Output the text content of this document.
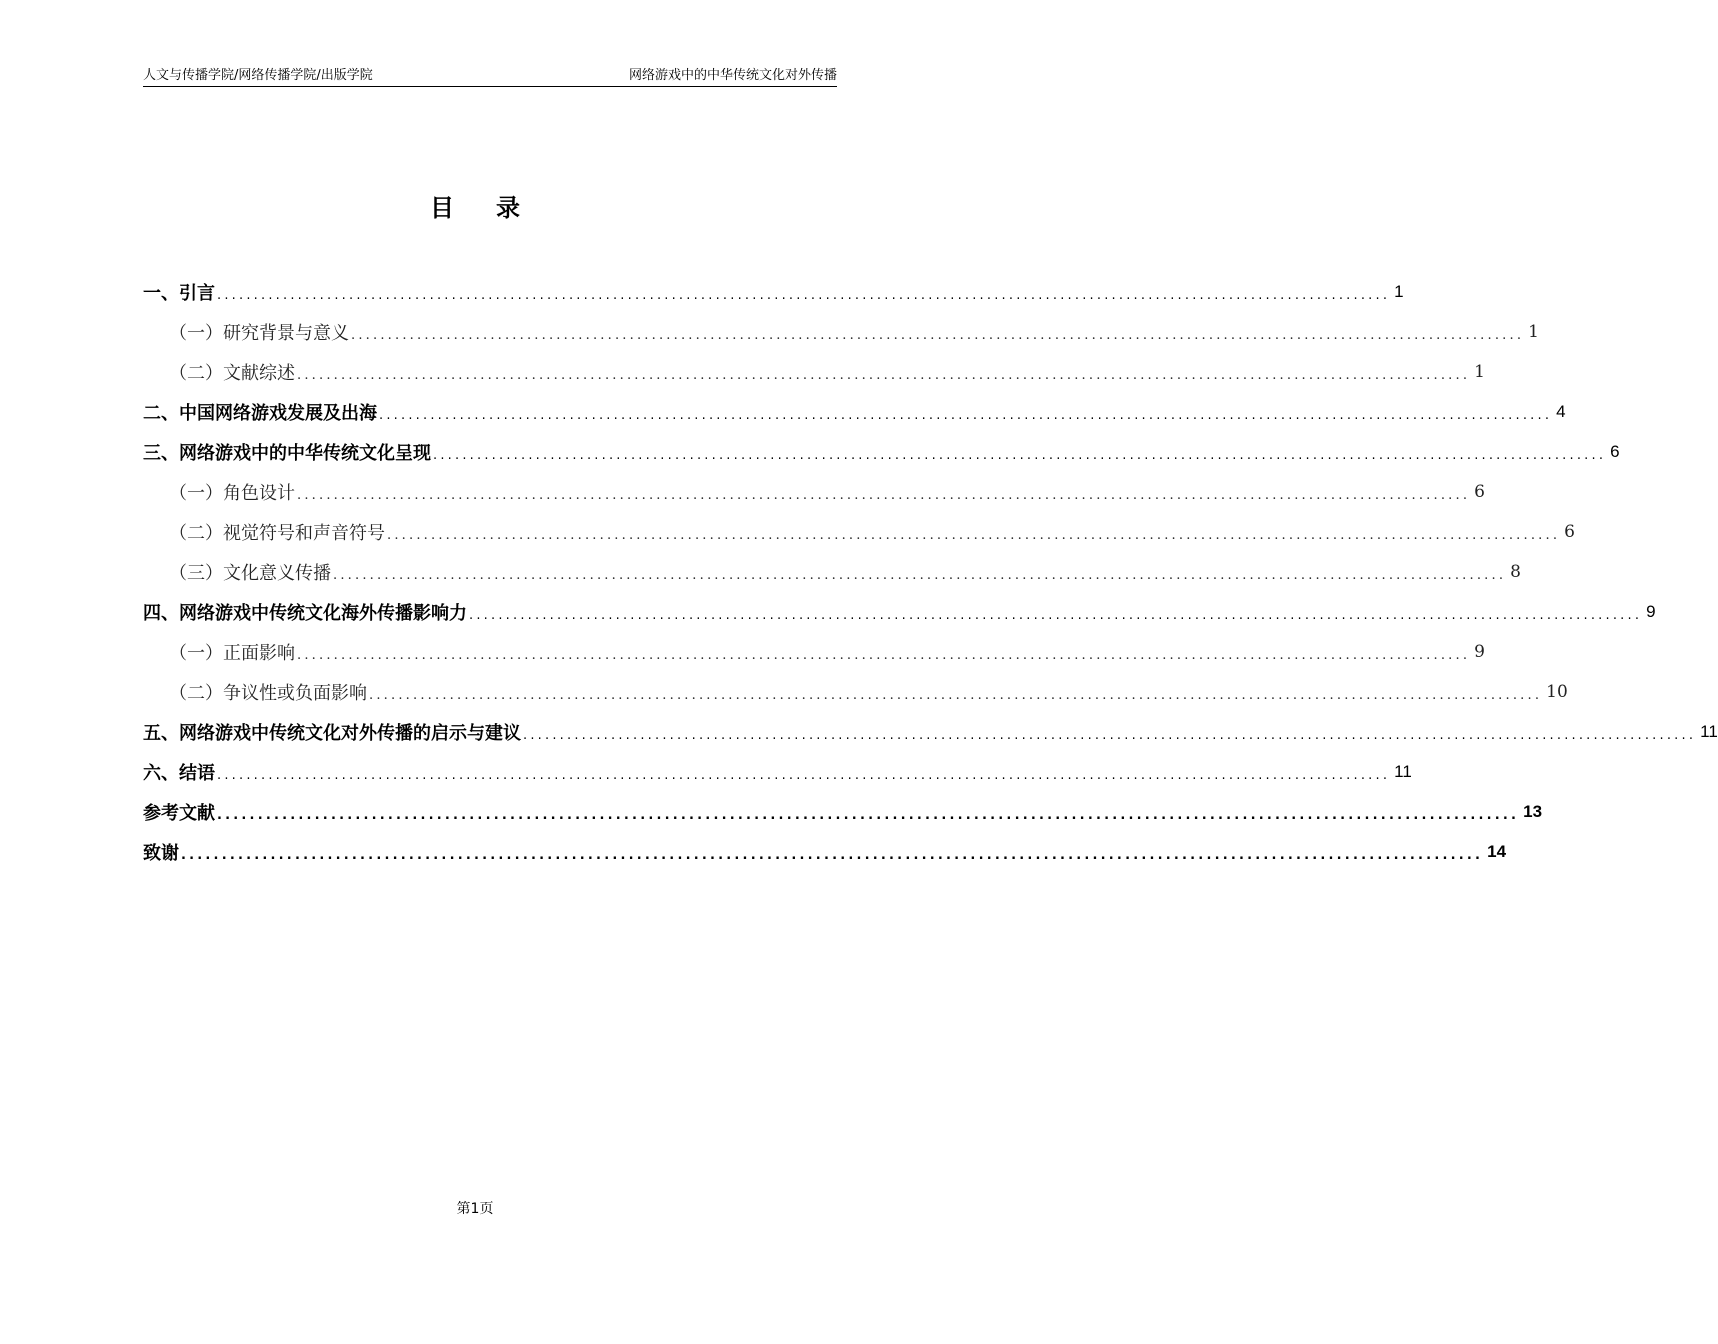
人文与传播学院/网络传播学院/出版学院	网络游戏中的中华传统文化对外传播
目 录
一、 引言 ................................................................................................................................................................ 1
（一） 研究背景与意义 ................................................................................................................................................................ 1
（二） 文献综述 ................................................................................................................................................................ 1
二、 中国网络游戏发展及出海 ................................................................................................................................................................ 4
三、 网络游戏中的中华传统文化呈现 ................................................................................................................................................................ 6
（一） 角色设计 ................................................................................................................................................................ 6
（二） 视觉符号和声音符号 ................................................................................................................................................................ 6
（三） 文化意义传播 ................................................................................................................................................................ 8
四、 网络游戏中传统文化海外传播影响力 ................................................................................................................................................................ 9
（一） 正面影响 ................................................................................................................................................................ 9
（二） 争议性或负面影响 ................................................................................................................................................................ 10
五、 网络游戏中传统文化对外传播的启示与建议 ................................................................................................................................................................ 11
六、 结语 ................................................................................................................................................................ 11
参考文献 ................................................................................................................................................................ 13
致谢 ................................................................................................................................................................ 14
第1页
